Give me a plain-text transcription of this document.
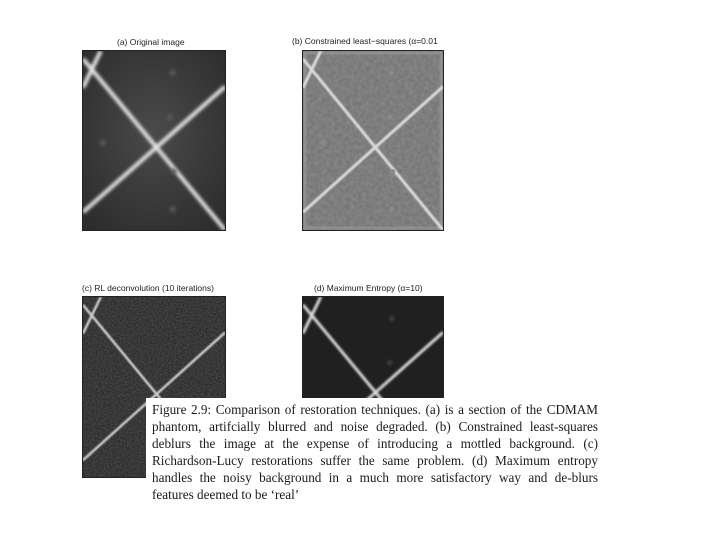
(a) Original image	(b) Constrained least−squares (α=0.01
(c) RL deconvolution (10 iterations)	(d) Maximum Entropy (α=10)
Figure 2.9: Comparison of restoration techniques. (a) is a section of the CDMAM phantom, artifcially blurred and noise degraded. (b) Constrained least-squares deblurs the image at the expense of introducing a mottled background. (c) Richardson-Lucy restorations suffer the same problem. (d) Maximum entropy handles the noisy background in a much more satisfactory way and de-blurs features deemed to be ‘real’
